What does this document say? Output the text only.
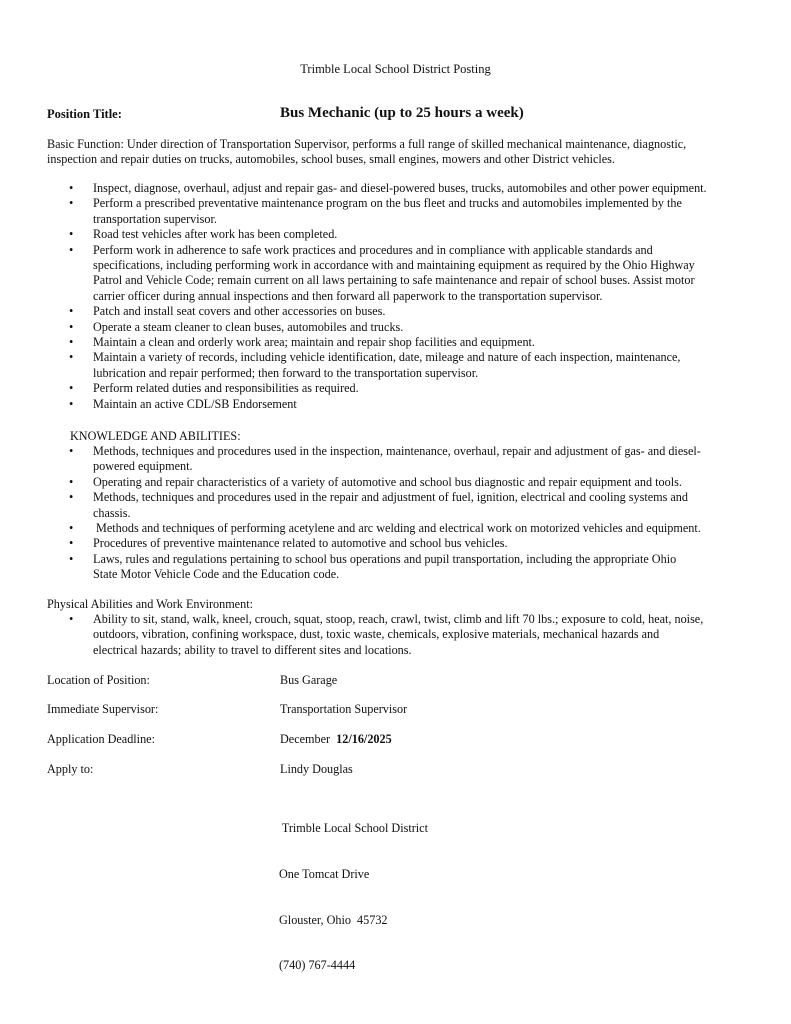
Trimble Local School District Posting
Position Title:	Bus Mechanic (up to 25 hours a week)
Basic Function: Under direction of Transportation Supervisor, performs a full range of skilled mechanical maintenance, diagnostic,
inspection and repair duties on trucks, automobiles, school buses, small engines, mowers and other District vehicles.
• Inspect, diagnose, overhaul, adjust and repair gas- and diesel-powered buses, trucks, automobiles and other power equipment.
• Perform a prescribed preventative maintenance program on the bus fleet and trucks and automobiles implemented by the
transportation supervisor.
• Road test vehicles after work has been completed.
• Perform work in adherence to safe work practices and procedures and in compliance with applicable standards and
specifications, including performing work in accordance with and maintaining equipment as required by the Ohio Highway
Patrol and Vehicle Code; remain current on all laws pertaining to safe maintenance and repair of school buses. Assist motor
carrier officer during annual inspections and then forward all paperwork to the transportation supervisor.
• Patch and install seat covers and other accessories on buses.
• Operate a steam cleaner to clean buses, automobiles and trucks.
• Maintain a clean and orderly work area; maintain and repair shop facilities and equipment.
• Maintain a variety of records, including vehicle identification, date, mileage and nature of each inspection, maintenance,
lubrication and repair performed; then forward to the transportation supervisor.
• Perform related duties and responsibilities as required.
• Maintain an active CDL/SB Endorsement
KNOWLEDGE AND ABILITIES:
• Methods, techniques and procedures used in the inspection, maintenance, overhaul, repair and adjustment of gas- and diesel-
powered equipment.
• Operating and repair characteristics of a variety of automotive and school bus diagnostic and repair equipment and tools.
• Methods, techniques and procedures used in the repair and adjustment of fuel, ignition, electrical and cooling systems and
chassis.
• Methods and techniques of performing acetylene and arc welding and electrical work on motorized vehicles and equipment.
• Procedures of preventive maintenance related to automotive and school bus vehicles.
• Laws, rules and regulations pertaining to school bus operations and pupil transportation, including the appropriate Ohio
State Motor Vehicle Code and the Education code.
Physical Abilities and Work Environment:
• Ability to sit, stand, walk, kneel, crouch, squat, stoop, reach, crawl, twist, climb and lift 70 lbs.; exposure to cold, heat, noise,
outdoors, vibration, confining workspace, dust, toxic waste, chemicals, explosive materials, mechanical hazards and
electrical hazards; ability to travel to different sites and locations.
Location of Position:	Bus Garage
Immediate Supervisor:	Transportation Supervisor
Application Deadline:	December 12/16/2025
Apply to:	Lindy Douglas

Trimble Local School District

One Tomcat Drive

Glouster, Ohio  45732

(740) 767-4444
